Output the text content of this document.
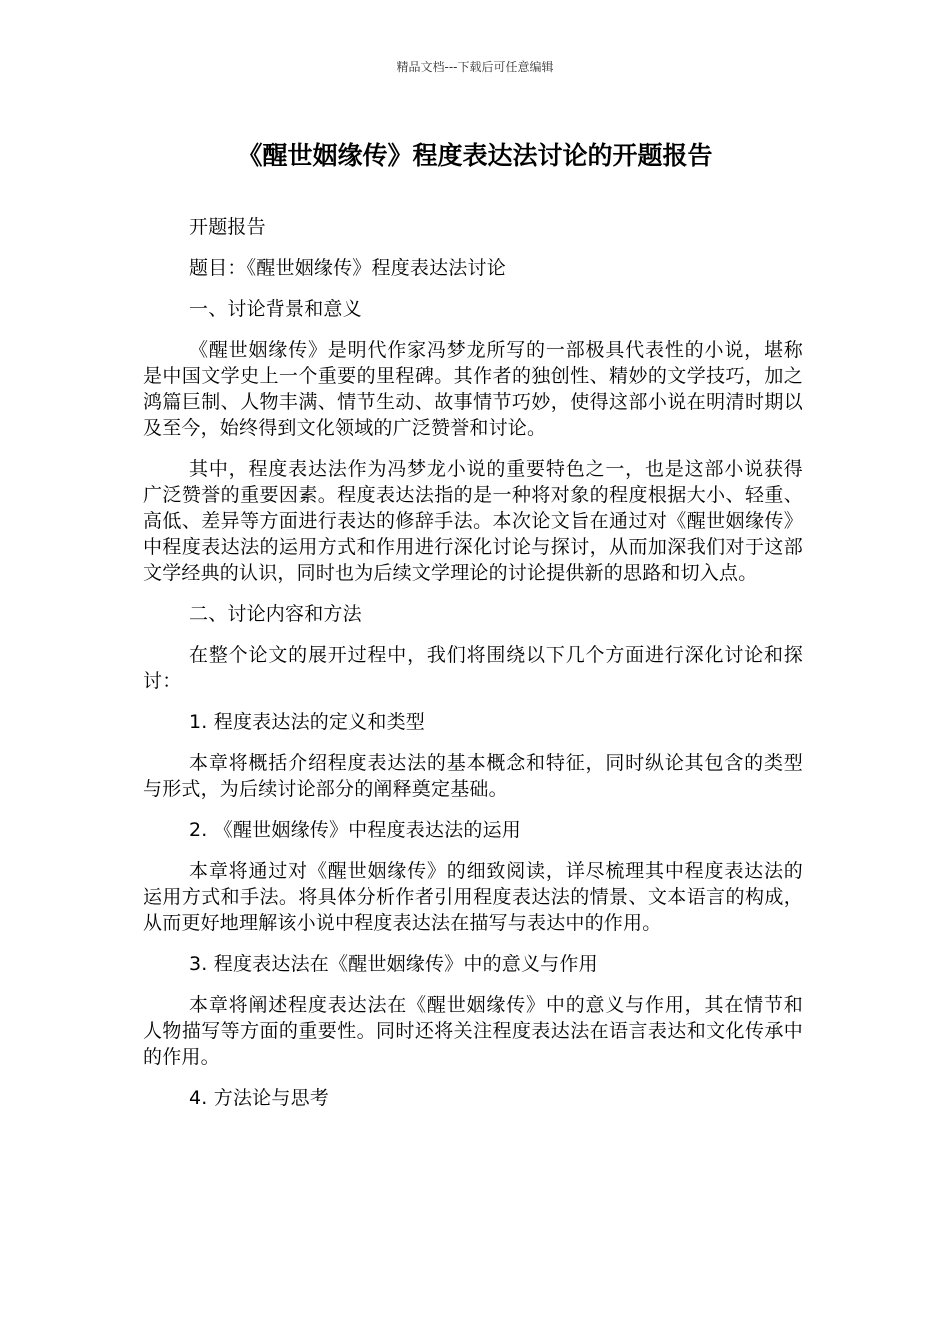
精品文档---下载后可任意编辑
《醒世姻缘传》程度表达法讨论的开题报告

开题报告

题目：《醒世姻缘传》程度表达法讨论

一、讨论背景和意义

《醒世姻缘传》是明代作家冯梦龙所写的一部极具代表性的小说，堪称是中国文学史上一个重要的里程碑。其作者的独创性、精妙的文学技巧，加之鸿篇巨制、人物丰满、情节生动、故事情节巧妙，使得这部小说在明清时期以及至今，始终得到文化领域的广泛赞誉和讨论。

其中，程度表达法作为冯梦龙小说的重要特色之一，也是这部小说获得广泛赞誉的重要因素。程度表达法指的是一种将对象的程度根据大小、轻重、高低、差异等方面进行表达的修辞手法。本次论文旨在通过对《醒世姻缘传》中程度表达法的运用方式和作用进行深化讨论与探讨，从而加深我们对于这部文学经典的认识，同时也为后续文学理论的讨论提供新的思路和切入点。

二、讨论内容和方法

在整个论文的展开过程中，我们将围绕以下几个方面进行深化讨论和探讨：

1. 程度表达法的定义和类型

本章将概括介绍程度表达法的基本概念和特征，同时纵论其包含的类型与形式，为后续讨论部分的阐释奠定基础。

2. 《醒世姻缘传》中程度表达法的运用

本章将通过对《醒世姻缘传》的细致阅读，详尽梳理其中程度表达法的运用方式和手法。将具体分析作者引用程度表达法的情景、文本语言的构成，从而更好地理解该小说中程度表达法在描写与表达中的作用。

3. 程度表达法在《醒世姻缘传》中的意义与作用

本章将阐述程度表达法在《醒世姻缘传》中的意义与作用，其在情节和人物描写等方面的重要性。同时还将关注程度表达法在语言表达和文化传承中的作用。

4. 方法论与思考
